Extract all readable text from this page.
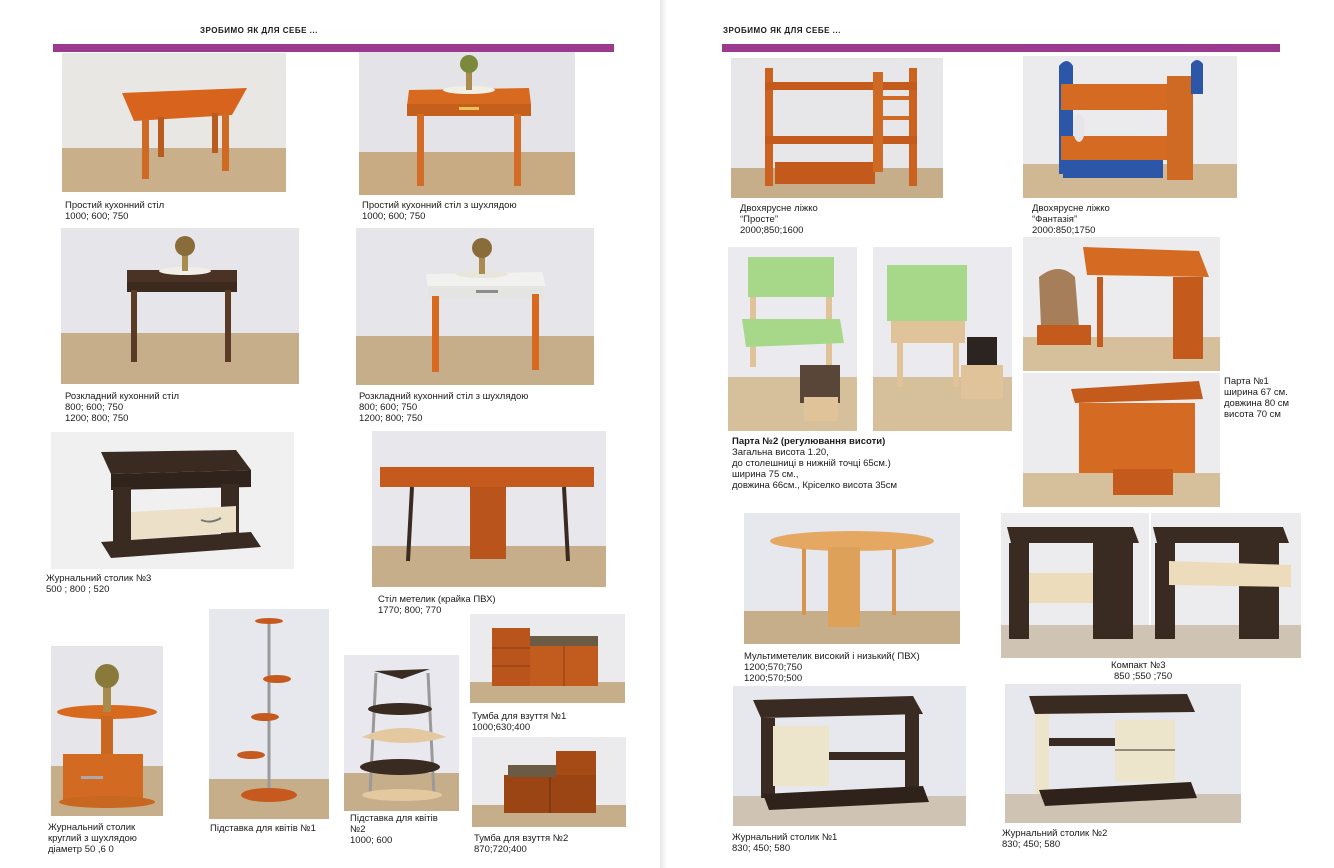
ЗРОБИМО ЯК ДЛЯ СЕБЕ ...
Простий кухонний стіл
1000; 600; 750
Простий кухонний стіл з шухлядою
1000; 600; 750
Розкладний кухонний стіл
800; 600; 750
1200; 800; 750
Розкладний кухонний стіл з шухлядою
800; 600; 750
1200; 800; 750
Журнальний столик №3
500 ; 800 ; 520
Стіл метелик (крайка ПВХ)
1770; 800; 770
Журнальний столик
круглий з шухлядою
діаметр 50 ,6 0
Підставка для квітів №1
Підставка для квітів
№2
1000; 600
Тумба для взуття №1
1000;630;400
Тумба для взуття №2
870;720;400
ЗРОБИМО ЯК ДЛЯ СЕБЕ ...
Двохярусне ліжко
“Просте”
2000;850;1600
Двохярусне ліжко
“Фантазія”
2000:850;1750
Парта №2 (регулювання висоти)
Загальна висота 1.20,
до столешниці в нижній точці 65см.)
ширина 75 см.,
довжина 66см., Кріселко висота 35см
Парта №1
ширина 67 см.
довжина 80 см
висота 70 см
Мультиметелик високий і низький( ПВХ)
1200;570;750
1200;570;500
Компакт №3
850 ;550 ;750
Журнальний столик №1
830; 450; 580
Журнальний столик №2
830; 450; 580
